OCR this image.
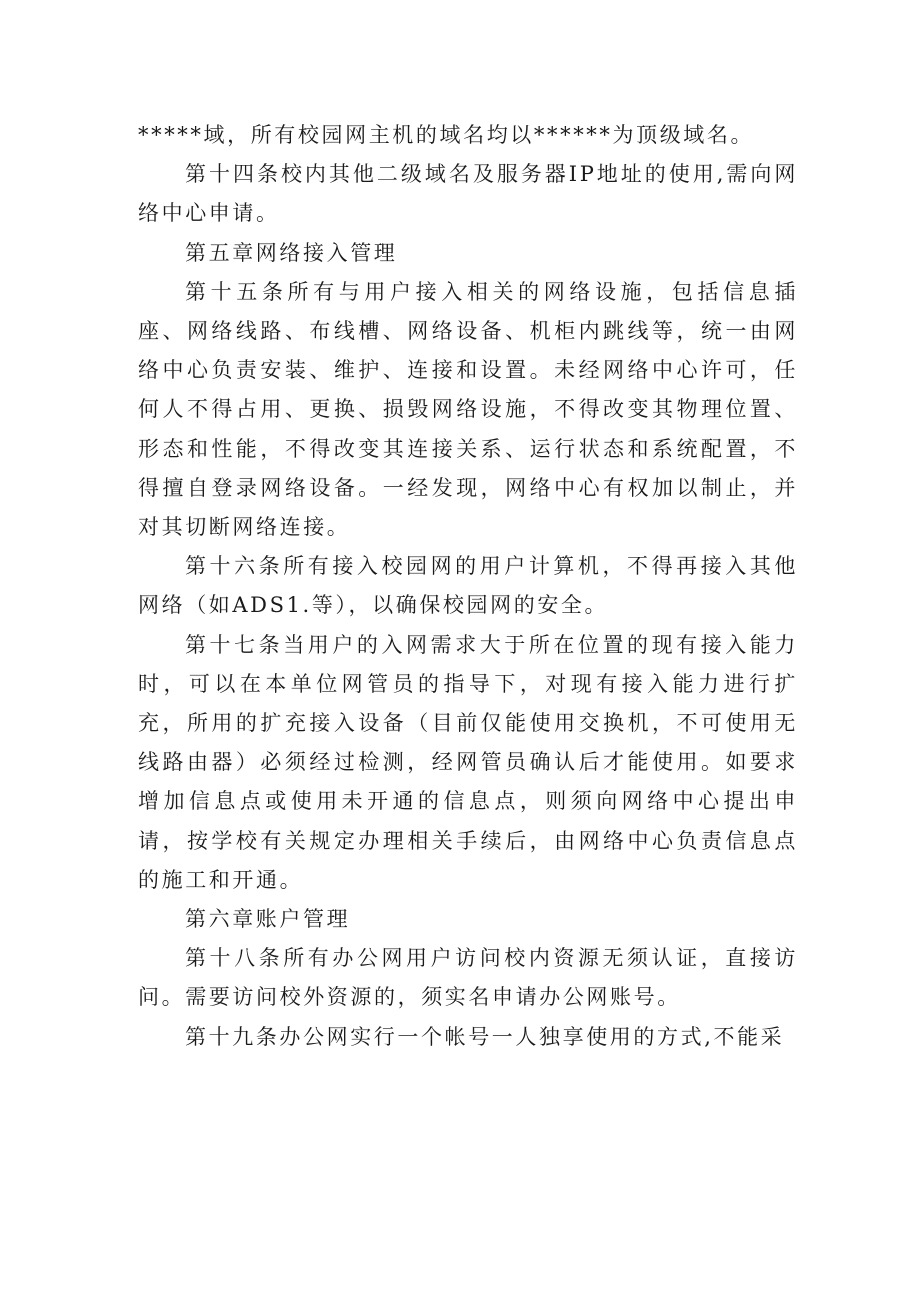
*****域，所有校园网主机的域名均以******为顶级域名。

第十四条校内其他二级域名及服务器IP地址的使用,需向网络中心申请。

第五章网络接入管理

第十五条所有与用户接入相关的网络设施，包括信息插座、网络线路、布线槽、网络设备、机柜内跳线等，统一由网络中心负责安装、维护、连接和设置。未经网络中心许可，任何人不得占用、更换、损毁网络设施，不得改变其物理位置、形态和性能，不得改变其连接关系、运行状态和系统配置，不得擅自登录网络设备。一经发现，网络中心有权加以制止，并对其切断网络连接。

第十六条所有接入校园网的用户计算机，不得再接入其他网络（如ADS1.等），以确保校园网的安全。

第十七条当用户的入网需求大于所在位置的现有接入能力时，可以在本单位网管员的指导下，对现有接入能力进行扩充，所用的扩充接入设备（目前仅能使用交换机，不可使用无线路由器）必须经过检测，经网管员确认后才能使用。如要求增加信息点或使用未开通的信息点，则须向网络中心提出申请，按学校有关规定办理相关手续后，由网络中心负责信息点的施工和开通。

第六章账户管理

第十八条所有办公网用户访问校内资源无须认证，直接访问。需要访问校外资源的，须实名申请办公网账号。

第十九条办公网实行一个帐号一人独享使用的方式,不能采
